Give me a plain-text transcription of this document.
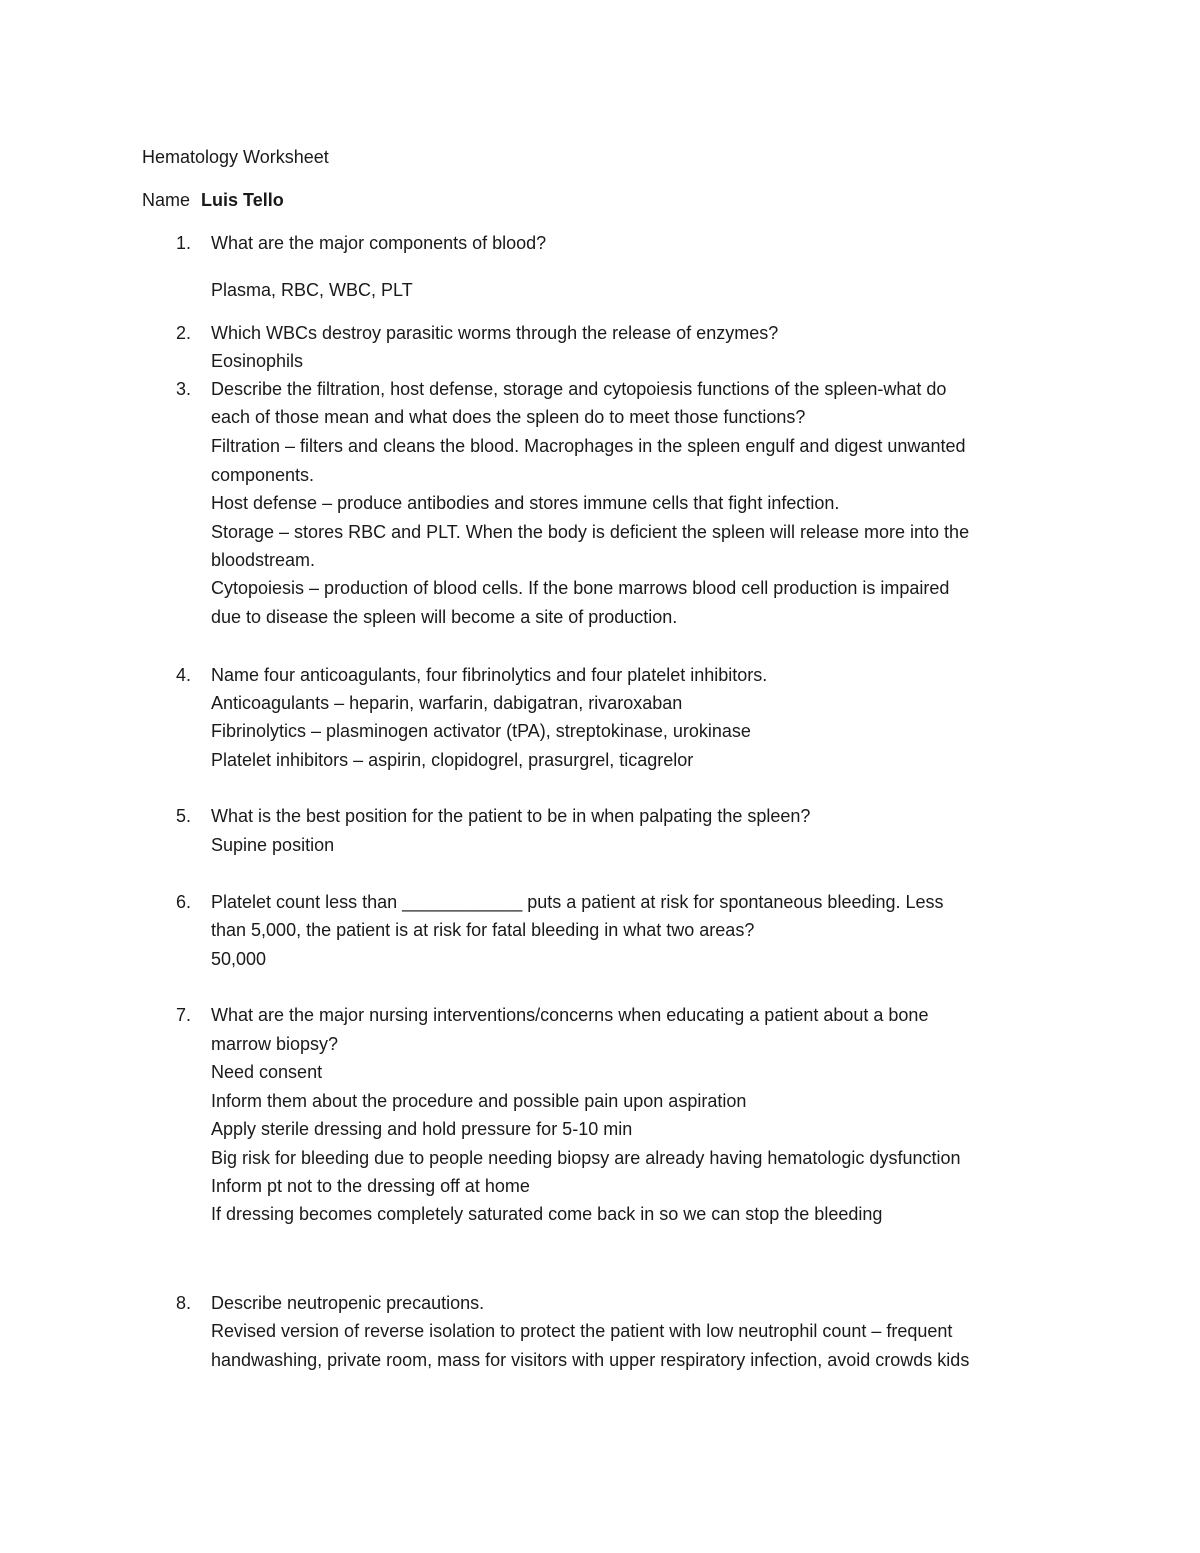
Hematology Worksheet
Name Luis Tello
1. What are the major components of blood?
Plasma, RBC, WBC, PLT
2. Which WBCs destroy parasitic worms through the release of enzymes?
Eosinophils
3. Describe the filtration, host defense, storage and cytopoiesis functions of the spleen-what do
each of those mean and what does the spleen do to meet those functions?
Filtration – filters and cleans the blood. Macrophages in the spleen engulf and digest unwanted
components.
Host defense – produce antibodies and stores immune cells that fight infection.
Storage – stores RBC and PLT. When the body is deficient the spleen will release more into the
bloodstream.
Cytopoiesis – production of blood cells. If the bone marrows blood cell production is impaired
due to disease the spleen will become a site of production.
4. Name four anticoagulants, four fibrinolytics and four platelet inhibitors.
Anticoagulants – heparin, warfarin, dabigatran, rivaroxaban
Fibrinolytics – plasminogen activator (tPA), streptokinase, urokinase
Platelet inhibitors – aspirin, clopidogrel, prasurgrel, ticagrelor
5. What is the best position for the patient to be in when palpating the spleen?
Supine position
6. Platelet count less than ____________ puts a patient at risk for spontaneous bleeding. Less
than 5,000, the patient is at risk for fatal bleeding in what two areas?
50,000
7. What are the major nursing interventions/concerns when educating a patient about a bone
marrow biopsy?
Need consent
Inform them about the procedure and possible pain upon aspiration
Apply sterile dressing and hold pressure for 5-10 min
Big risk for bleeding due to people needing biopsy are already having hematologic dysfunction
Inform pt not to the dressing off at home
If dressing becomes completely saturated come back in so we can stop the bleeding
8. Describe neutropenic precautions.
Revised version of reverse isolation to protect the patient with low neutrophil count – frequent
handwashing, private room, mass for visitors with upper respiratory infection, avoid crowds kids
